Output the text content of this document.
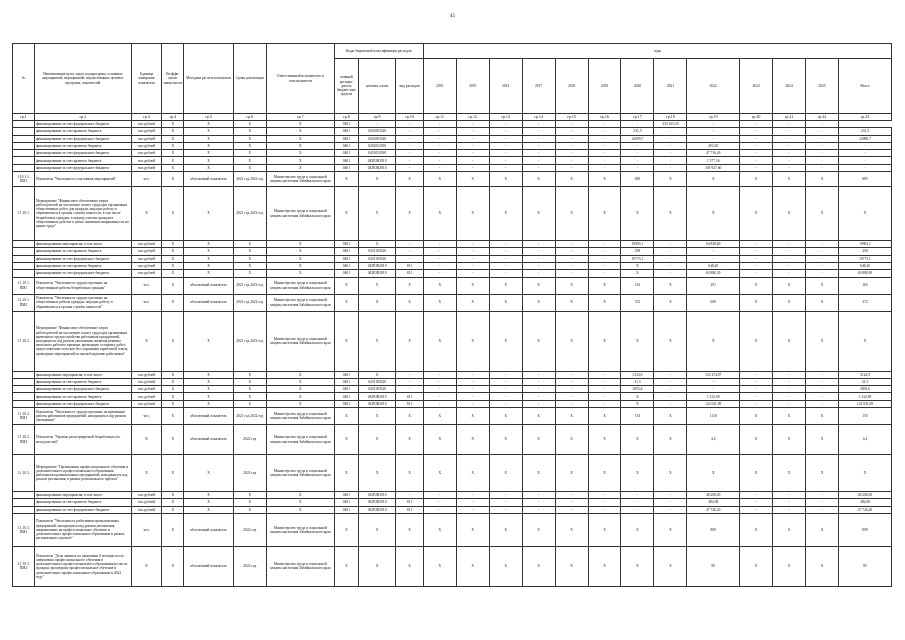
45
№	Наименование цели, задач, подпрограмм, основных мероприятий, мероприятий, ведомственных целевых программ, показателей	Единица измерения показателя	Коэффи-циент значи-мости	Методика расчета показателя	Сроки реализации	Ответственный исполнитель и соисполнители	Коды бюджетной классификации расходов			годы												
							главный распоря-дитель бюджет-ных средств	целевая статья	вид расходов	2018	2019	2014	2017	2018	2019	2020	2021	2022	2023	2024	2025	Итого
гр.1	гр.2	гр.3	гр.4	гр.5	гр.6	гр.7	гр.8	гр.9	гр.10	гр.11	гр.12	гр.13	гр.14	гр.15	гр.16	гр.17	гр.18	гр.19	гр.20	гр.21	гр.22	гр.23
	финансирование за счет федерального бюджета	тыс.рублей	X	X	X	X	0401	-	-	-	-	-	-	-	-	-	233 165,20	-	-	-	-	
	финансирование за счет краевого бюджета	тыс.рублей	X	X	X	X	0401	0431083520	-	-	-	-	-	-	-	231,5	-	-	-	-	-	231,5
	финансирование за счет федерального бюджета	тыс.рублей	X	X	X	X	0401	0431083520	-	-	-	-	-	-	-	22090,7	-	-	-	-	-	22090,7
	финансирование за счет краевого бюджета	тыс.рублей	X	X	X	X	0401	0431052910	-	-	-	-	-	-	-	-	-	452,65	-	-	-	-
	финансирование за счет федерального бюджета	тыс.рублей	X	X	X	X	0401	0431052910	-	-	-	-	-	-	-	-	-	47 716,26	-	-	-	-
	финансирование за счет краевого бюджета	тыс.рублей	X	X	X	X	0401	043P2R2910	-	-	-	-	-	-	-	-	-	1 577,16	-	-	-	-
	финансирование за счет федерального бюджета	тыс.рублей	X	X	X	X	0401	043P2R2910	-	-	-	-	-	-	-	-	-	105 927,60	-	-	-	-
1.10.1.1. ПМ1	Показатель "Численность участников мероприятий"	чел.	X	абсолютный показатель	2021 год 2022 год	Министерство труда и социальной защиты населения Забайкальского края	X	X	X	X	X	X	X	X	X	685	X	X	X	X	X	685
1.1.10.1.	Мероприятие "Финансовое обеспечение затрат работодателей на частичную оплату труда при организации общественных работ для граждан, ищущих работу и обратившихся в органы службы занятости, в том числе безработных граждан, в период участия граждан в общественных работах в целях снижения напряженности на рынке труда"	X	X	X	2021 год 2022 год	Министерство труда и социальной защиты населения Забайкальского края	X	X	X	X	X	X	X	X	X	X	X	X	X	X	X	X
	финансирование мероприятия, в том числе:	тыс.рублей	X	X	X	X	0401	X	-	-	-	-	-	-	-	19903,1	-	64 828,60	-	-	-	19903,1
	финансирование за счет краевого бюджета	тыс.рублей	X	X	X	X	0401	0431183520	-	-	-	-	-	-	-	258	-	-	-	-	-	258
	финансирование за счет федерального бюджета	тыс.рублей	X	X	X	X	0401	0431183520	-	-	-	-	-	-	-	19773,1	-	-	-	-	-	19773,1
	финансирование за счет краевого бюджета	тыс.рублей	X	X	X	X	0401	043P2R2910	811	-	-	-	-	-	-	X	-	648,20	-	-	-	648,20
	финансирование за счет федерального бюджета	тыс.рублей	X	X	X	X	0401	043P2R2910	811	-	-	-	-	-	-	X	-	63 880,30	-	-	-	63 880,30
1.1.10.1. ПМ1	Показатель "Численность трудоустроенных на общественные работы безработных граждан"	чел.	X	абсолютный показатель	2021 год 2022 год	Министерство труда и социальной защиты населения Забайкальского края	X	X	X	X	X	X	X	X	X	163	X	291	X	X	X	163
1.1.10.1. ПМ2	Показатель "Численность трудоустроенных на общественные работы граждан, ищущих работу и обратившихся в органы службы занятости"	чел.	X	абсолютный показатель	2021 год 2022 год	Министерство труда и социальной защиты населения Забайкальского края	X	X	X	X	X	X	X	X	X	372	X	600	X	X	X	372
1.1.10.2.	Мероприятие "Финансовое обеспечение затрат работодателей на частичную оплату труда при организации временного трудоустройства работников предприятий, находящихся под риском увольнения, включая режимы неполного рабочего времени, временную остановку работ, предоставление отпусков без сохранения заработной платы, проведение мероприятий по высвобождению работников"	X	X	X	2021 год 2022 год	Министерство труда и социальной защиты населения Забайкальского края	X	X	X	X	X	X	X	X	X	X	X	X	X	X	X	X
	финансирование мероприятия, в том числе:	тыс.рублей	X	X	X	X	0401	X	-	-	-	-	-	-	-	3124,9	-	123 274,07	-	-	-	3124,9
	финансирование за счет краевого бюджета	тыс.рублей	X	X	X	X	0401	0431183520	-	-	-	-	-	-	-	31,3	-	-	-	-	-	31,3
	финансирование за счет федерального бюджета	тыс.рублей	X	X	X	X	0401	0431183520	-	-	-	-	-	-	-	3093,6	-	-	-	-	-	3093,6
	финансирование за счет краевого бюджета	тыс.рублей	X	X	X	X	0401	043P2R2910	811	-	-	-	-	-	-	X	-	1 232,98	-	-	-	1 232,98
	финансирование за счет федерального бюджета	тыс.рублей	X	X	X	X	0401	043P2R2910	811	-	-	-	-	-	-	X	-	122 041,09	-	-	-	122 041,09
1.1.10.2. ПМ1	Показатель "Численность трудоустроенных на временные работы работников предприятий, находящихся под риском увольнения"	чел.	X	абсолютный показатель	2021 год 2022 год	Министерство труда и социальной защиты населения Забайкальского края	X	X	X	X	X	X	X	X	X	153	X	1110	X	X	X	153
1.1.10.2. ПМ2	Показатель "Уровень регистрируемой безработицы (по методологии)"	%	X	абсолютный показатель	2022 год	Министерство труда и социальной защиты населения Забайкальского края	X	X	X	X	X	X	X	X	X	X	X	4,2	X	X	X	4,2
1.1.10.3.	Мероприятие "Организация профессионального обучения и дополнительного профессионального образования работников промышленных предприятий, находящихся под риском увольнения, в рамках регионального проекта"	X	X	X	2022 год	Министерство труда и социальной защиты населения Забайкальского края	X	X	X	X	X	X	X	X	X	X	X	X	X	X	X	X
	финансирование мероприятия, в том числе:	тыс.рублей	X	X	X	X	0401	043P2R2910	-	-	-	-	-	-	-	-	-	48 208,20	-	-	-	48 208,20
	финансирование за счет краевого бюджета	тыс.рублей	X	X	X	X	0401	043P2R2910	811	-	-	-	-	-	-	-	-	482,08	-	-	-	482,08
	финансирование за счет федерального бюджета	тыс.рублей	X	X	X	X	0401	043P2R2910	811	-	-	-	-	-	-	-	-	47 726,20	-	-	-	47 726,20
1.1.10.3. ПМ1	Показатель "Численность работников промышленных предприятий, находящихся под риском увольнения, направленных на профессиональное обучение и дополнительное профессиональное образование в рамках регионального проекта"	чел.	X	абсолютный показатель	2022 год	Министерство труда и социальной защиты населения Забайкальского края	X	X	X	X	X	X	X	X	X	X	X	809	X	X	X	809
1.1.10.3. ПМ2	Показатель "Доля занятых по окончании 8 месяцев после завершения профессионального обучения и дополнительного профессионального образования из числа граждан, прошедших профессиональное обучение и дополнительное профессиональное образование в 2022 году"	%	X	абсолютный показатель	2022 год	Министерство труда и социальной защиты населения Забайкальского края	X	X	X	X	X	X	X	X	X	X	X	85	X	X	X	85
